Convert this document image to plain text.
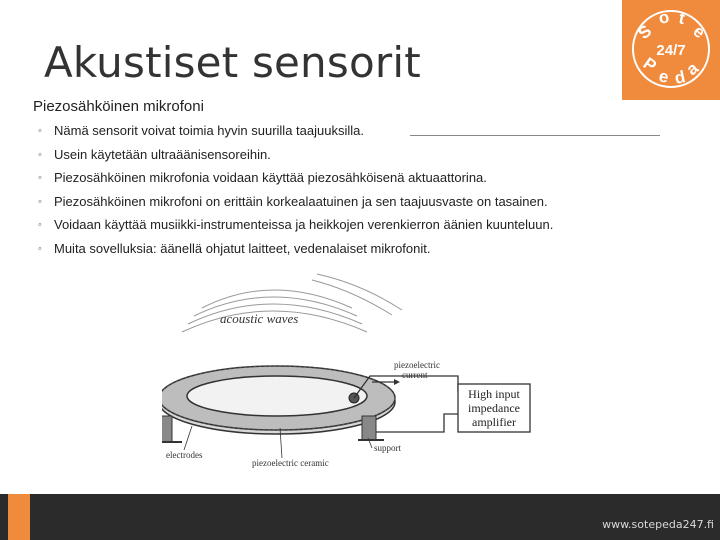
Akustiset sensorit
S
o t
e
24/7
P
e d
a
Piezosähköinen mikrofoni
◦ Nämä sensorit voivat toimia hyvin suurilla taajuuksilla.
◦ Usein käytetään ultraäänisensoreihin.
◦ Piezosähköinen mikrofonia voidaan käyttää piezosähköisenä aktuaattorina.
◦ Piezosähköinen mikrofoni on erittäin korkealaatuinen ja sen taajuusvaste on tasainen.
◦ Voidaan käyttää musiikki-instrumenteissa ja heikkojen verenkierron äänien kuunteluun.
◦ Muita sovelluksia: äänellä ohjatut laitteet, vedenalaiset mikrofonit.
acoustic waves
piezoelectric
current
High input
impedance
amplifier
support
electrodes
piezoelectric ceramic
www.sotepeda247.fi
